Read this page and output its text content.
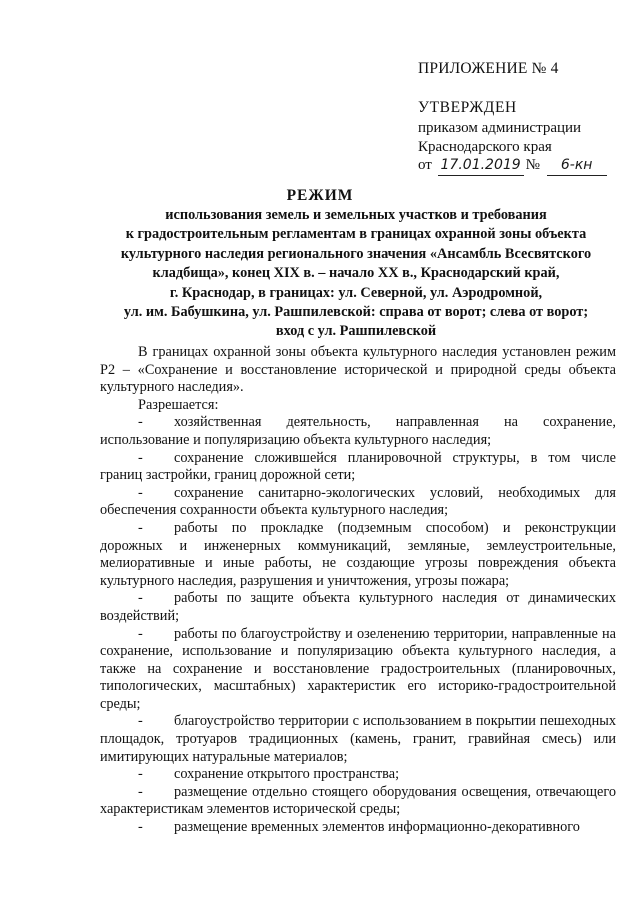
ПРИЛОЖЕНИЕ № 4
УТВЕРЖДЕН
приказом администрации
Краснодарского края
от 17.01.2019 № 6-кн
РЕЖИМ
использования земель и земельных участков и требования
к градостроительным регламентам в границах охранной зоны объекта
культурного наследия регионального значения «Ансамбль Всесвятского
кладбища», конец XIX в. – начало XX в., Краснодарский край,
г. Краснодар, в границах: ул. Северной, ул. Аэродромной,
ул. им. Бабушкина, ул. Рашпилевской: справа от ворот; слева от ворот;
вход с ул. Рашпилевской

В границах охранной зоны объекта культурного наследия установлен режим Р2 – «Сохранение и восстановление исторической и природной среды объекта культурного наследия».

Разрешается:

- хозяйственная деятельность, направленная на сохранение, использование и популяризацию объекта культурного наследия;

- сохранение сложившейся планировочной структуры, в том числе границ застройки, границ дорожной сети;

- сохранение санитарно-экологических условий, необходимых для обеспечения сохранности объекта культурного наследия;

- работы по прокладке (подземным способом) и реконструкции дорожных и инженерных коммуникаций, земляные, землеустроительные, мелиоративные и иные работы, не создающие угрозы повреждения объекта культурного наследия, разрушения и уничтожения, угрозы пожара;

- работы по защите объекта культурного наследия от динамических воздействий;

- работы по благоустройству и озеленению территории, направленные на сохранение, использование и популяризацию объекта культурного наследия, а также на сохранение и восстановление градостроительных (планировочных, типологических, масштабных) характеристик его историко-градостроительной среды;

- благоустройство территории с использованием в покрытии пешеходных площадок, тротуаров традиционных (камень, гранит, гравийная смесь) или имитирующих натуральные материалов;

- сохранение открытого пространства;

- размещение отдельно стоящего оборудования освещения, отвечающего характеристикам элементов исторической среды;

- размещение временных элементов информационно-декоративного
